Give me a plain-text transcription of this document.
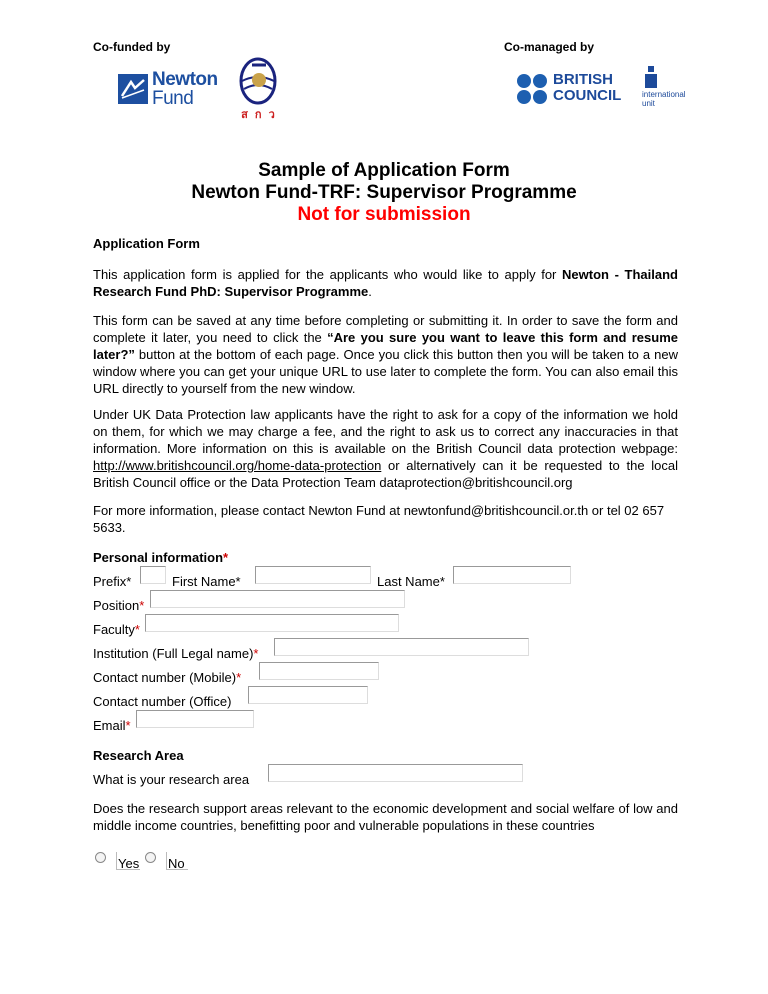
Co-funded by	Co-managed by
Newton
Fund
ส ก ว
BRITISH
COUNCIL	international
unit
Sample of Application Form
Newton Fund-TRF: Supervisor Programme
Not for submission
Application Form
This application form is applied for the applicants who would like to apply for Newton - Thailand Research Fund PhD: Supervisor Programme.
This form can be saved at any time before completing or submitting it. In order to save the form and complete it later, you need to click the “Are you sure you want to leave this form and resume later?” button at the bottom of each page. Once you click this button then you will be taken to a new window where you can get your unique URL to use later to complete the form. You can also email this URL directly to yourself from the new window.
Under UK Data Protection law applicants have the right to ask for a copy of the information we hold on them, for which we may charge a fee, and the right to ask us to correct any inaccuracies in that information. More information on this is available on the British Council data protection webpage: http://www.britishcouncil.org/home-data-protection or alternatively can it be requested to the local British Council office or the Data Protection Team dataprotection@britishcouncil.org
For more information, please contact Newton Fund at newtonfund@britishcouncil.or.th or tel 02 657 5633.
Personal information*
Prefix*	First Name*	Last Name*
Position*
Faculty*
Institution (Full Legal name)*
Contact number (Mobile)*
Contact number (Office)
Email*
Research Area
What is your research area
Does the research support areas relevant to the economic development and social welfare of low and middle income countries, benefitting poor and vulnerable populations in these countries
Yes No
